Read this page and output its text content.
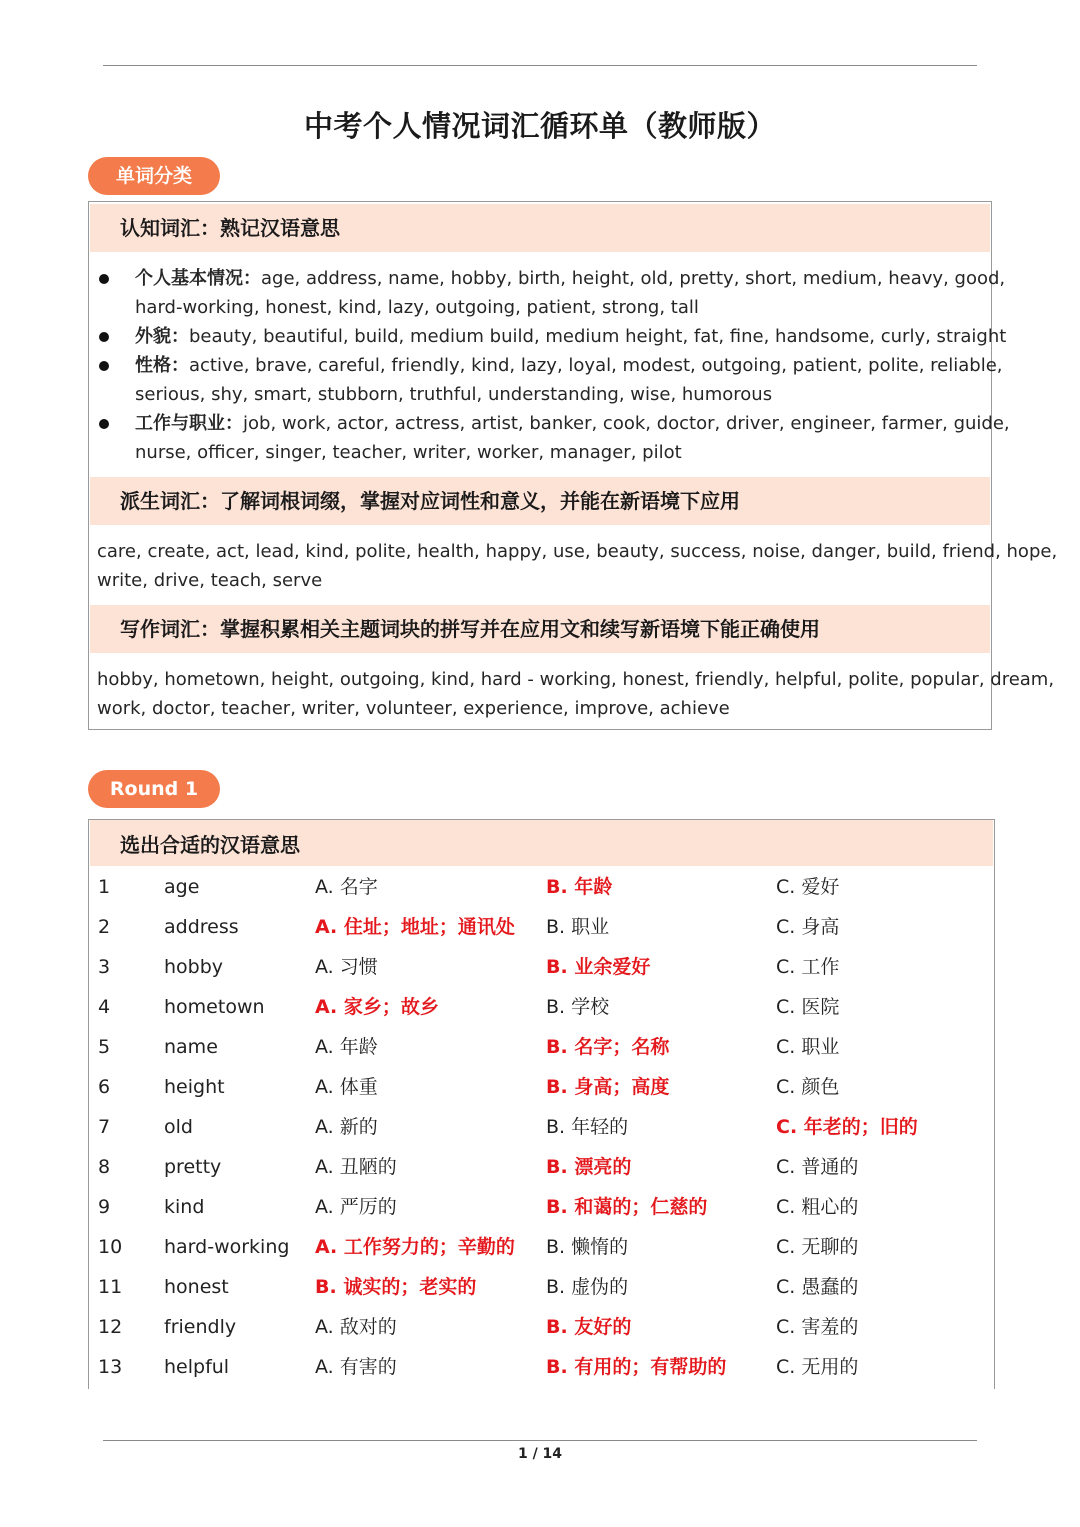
中考个人情况词汇循环单（教师版）
单词分类
认知词汇：熟记汉语意思
个人基本情况：age, address, name, hobby, birth, height, old, pretty, short, medium, heavy, good,
hard-working, honest, kind, lazy, outgoing, patient, strong, tall
外貌：beauty, beautiful, build, medium build, medium height, fat, fine, handsome, curly, straight
性格：active, brave, careful, friendly, kind, lazy, loyal, modest, outgoing, patient, polite, reliable,
serious, shy, smart, stubborn, truthful, understanding, wise, humorous
工作与职业：job, work, actor, actress, artist, banker, cook, doctor, driver, engineer, farmer, guide,
nurse, officer, singer, teacher, writer, worker, manager, pilot
派生词汇：了解词根词缀，掌握对应词性和意义，并能在新语境下应用
care, create, act, lead, kind, polite, health, happy, use, beauty, success, noise, danger, build, friend, hope,
write, drive, teach, serve
写作词汇：掌握积累相关主题词块的拼写并在应用文和续写新语境下能正确使用
hobby, hometown, height, outgoing, kind, hard - working, honest, friendly, helpful, polite, popular, dream,
work, doctor, teacher, writer, volunteer, experience, improve, achieve
Round 1
选出合适的汉语意思
1	age	A. 名字	B. 年龄	C. 爱好
2	address	A. 住址；地址；通讯处 B. 职业	C. 身高
3	hobby	A. 习惯	B. 业余爱好	C. 工作
4	hometown	A. 家乡；故乡	B. 学校	C. 医院
5	name	A. 年龄	B. 名字；名称	C. 职业
6	height	A. 体重	B. 身高；高度	C. 颜色
7	old	A. 新的	B. 年轻的	C. 年老的；旧的
8	pretty	A. 丑陋的	B. 漂亮的	C. 普通的
9	kind	A. 严厉的	B. 和蔼的；仁慈的	C. 粗心的
10 hard-working A. 工作努力的；辛勤的 B. 懒惰的	C. 无聊的
11 honest	B. 诚实的；老实的	B. 虚伪的	C. 愚蠢的
12 friendly	A. 敌对的	B. 友好的	C. 害羞的
13 helpful	A. 有害的	B. 有用的；有帮助的	C. 无用的
1 / 14
